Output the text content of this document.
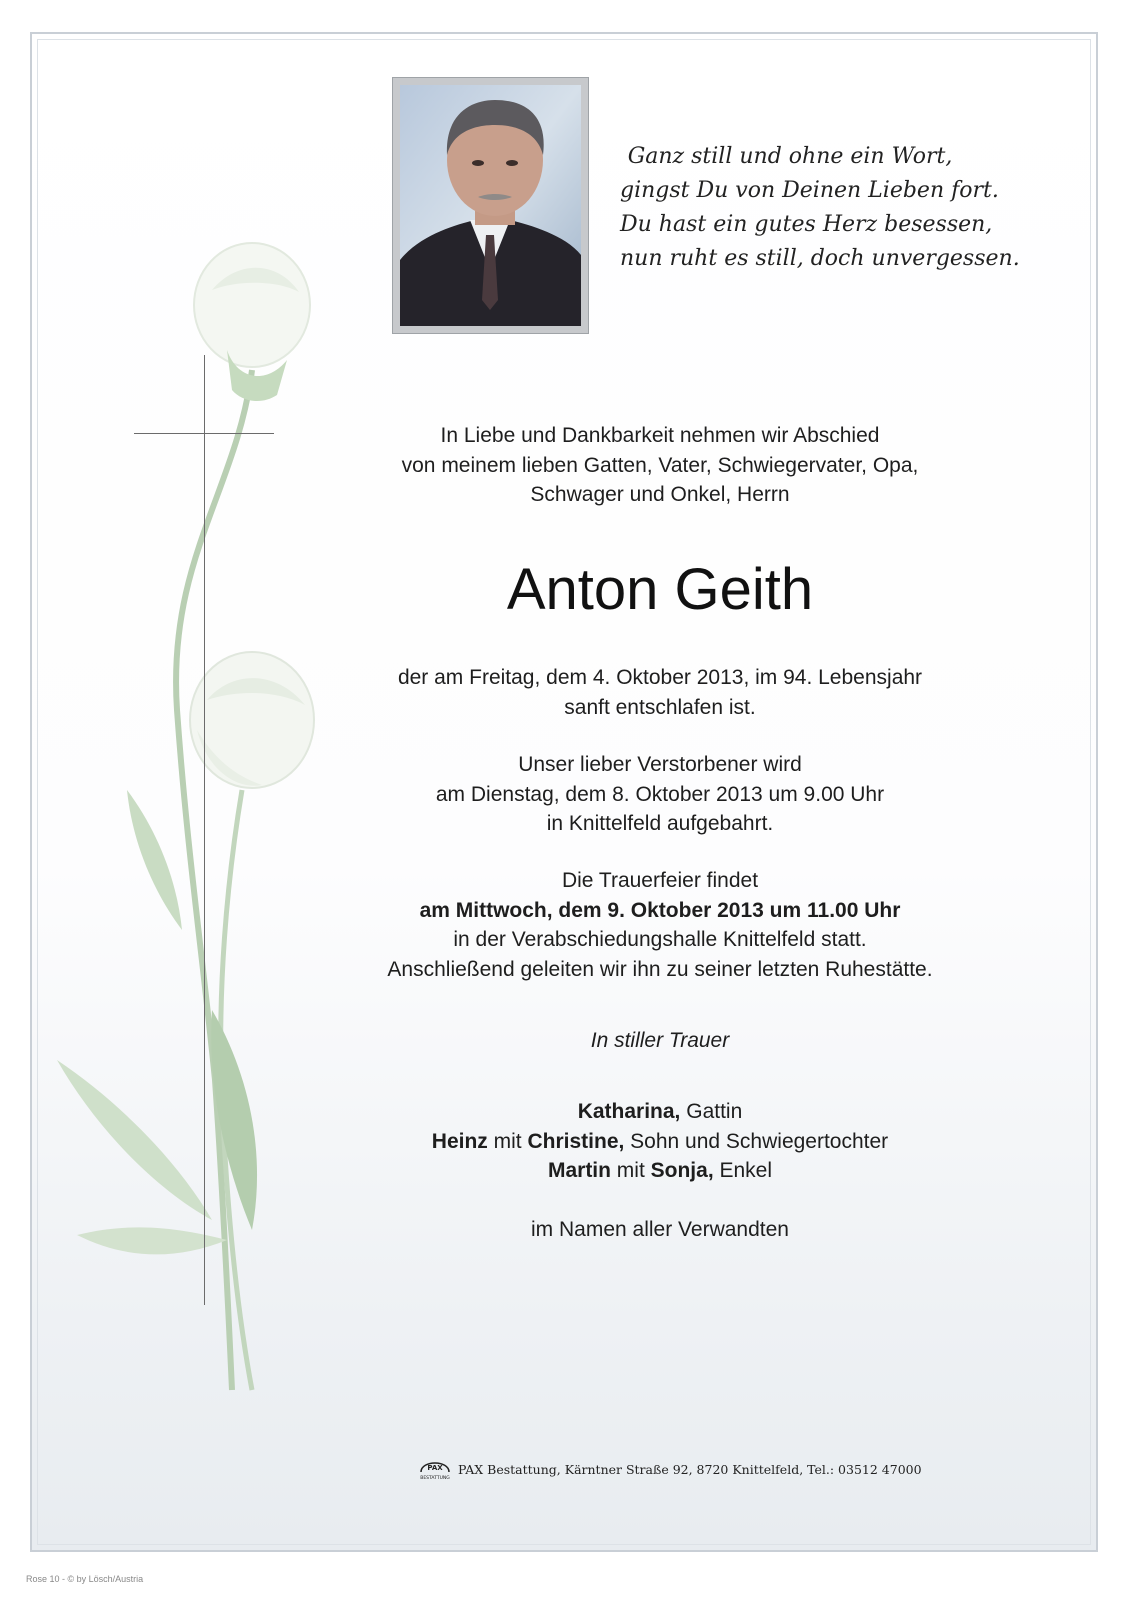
Ganz still und ohne ein Wort,
gingst Du von Deinen Lieben fort.
Du hast ein gutes Herz besessen,
nun ruht es still, doch unvergessen.
In Liebe und Dankbarkeit nehmen wir Abschied
von meinem lieben Gatten, Vater, Schwiegervater, Opa,
Schwager und Onkel, Herrn
Anton Geith
der am Freitag, dem 4. Oktober 2013, im 94. Lebensjahr
sanft entschlafen ist.
Unser lieber Verstorbener wird
am Dienstag, dem 8. Oktober 2013 um 9.00 Uhr
in Knittelfeld aufgebahrt.
Die Trauerfeier findet
am Mittwoch, dem 9. Oktober 2013 um 11.00 Uhr
in der Verabschiedungshalle Knittelfeld statt.
Anschließend geleiten wir ihn zu seiner letzten Ruhestätte.
In stiller Trauer
Katharina, Gattin
Heinz mit Christine, Sohn und Schwiegertochter
Martin mit Sonja, Enkel
im Namen aller Verwandten
PAX
BESTATTUNG
PAX Bestattung, Kärntner Straße 92, 8720 Knittelfeld, Tel.: 03512 47000
Rose 10 - © by Lösch/Austria
